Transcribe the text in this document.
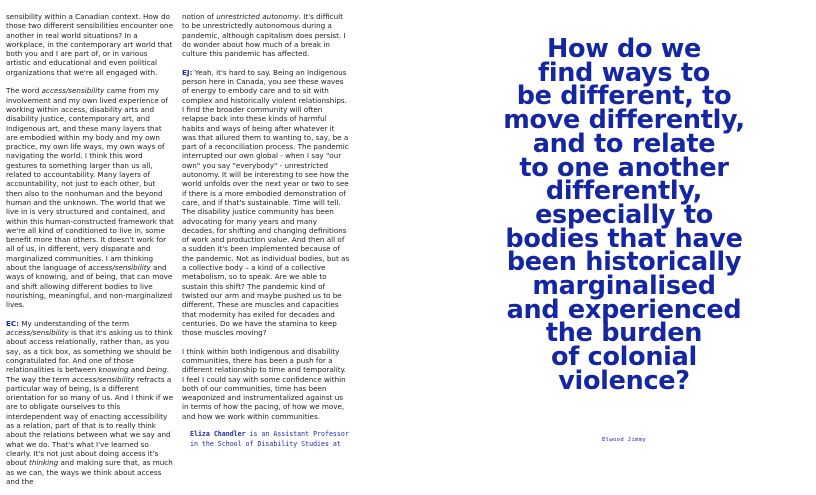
sensibility within a Canadian context. How do those two different sensibilities encounter one another in real world situations? In a workplace, in the contemporary art world that both you and I are part of, or in various artistic and educational and even political organizations that we're all engaged with.

The word access/sensibility came from my involvement and my own lived experience of working within access, disability arts and disability justice, contemporary art, and Indigenous art, and these many layers that are embodied within my body and my own practice, my own life ways, my own ways of navigating the world. I think this word gestures to something larger than us all, related to accountability. Many layers of accountability, not just to each other, but then also to the nonhuman and the beyond human and the unknown. The world that we live in is very structured and contained, and within this human-constructed framework that we're all kind of conditioned to live in, some benefit more than others. It doesn't work for all of us, in different, very disparate and marginalized communities. I am thinking about the language of access/sensibility and ways of knowing, and of being, that can move and shift allowing different bodies to live nourishing, meaningful, and non-marginalized lives.

EC: My understanding of the term access/sensibility is that it's asking us to think about access relationally, rather than, as you say, as a tick box, as something we should be congratulated for. And one of those relationalities is between knowing and being. The way the term access/sensibility refracts a particular way of being, is a different orientation for so many of us. And I think if we are to obligate ourselves to this interdependent way of enacting accessibility as a relation, part of that is to really think about the relations between what we say and what we do. That's what I've learned so clearly. It's not just about doing access it's about thinking and making sure that, as much as we can, the ways we think about access and the

notion of unrestricted autonomy. It's difficult to be unrestrictedly autonomous during a pandemic, although capitalism does persist. I do wonder about how much of a break in culture this pandemic has affected.

EJ: Yeah, it's hard to say. Being an Indigenous person here in Canada, you see these waves of energy to embody care and to sit with complex and historically violent relationships. I find the broader community will often relapse back into these kinds of harmful habits and ways of being after whatever it was that allured them to wanting to, say, be a part of a reconciliation process. The pandemic interrupted our own global - when I say "our own" you say "everybody" - unrestricted autonomy. It will be interesting to see how the world unfolds over the next year or two to see if there is a more embodied demonstration of care, and if that's sustainable. Time will tell. The disability justice community has been advocating for many years and many decades, for shifting and changing definitions of work and production value. And then all of a sudden it's been implemented because of the pandemic. Not as individual bodies, but as a collective body – a kind of a collective metabolism, so to speak. Are we able to sustain this shift? The pandemic kind of twisted our arm and maybe pushed us to be different. These are muscles and capacities that modernity has exiled for decades and centuries. Do we have the stamina to keep those muscles moving?

I think within both Indigenous and disability communities, there has been a push for a different relationship to time and temporality. I feel I could say with some confidence within both of our communities, time has been weaponized and instrumentalized against us in terms of how the pacing, of how we move, and how we work within communities.

Eliza Chandler is an Assistant Professor
in the School of Disability Studies at
How do we
find ways to
be different, to
move differently,
and to relate
to one another
differently,
especially to
bodies that have
been historically
marginalised
and experienced
the burden
of colonial
violence?
Elwood Jimmy
